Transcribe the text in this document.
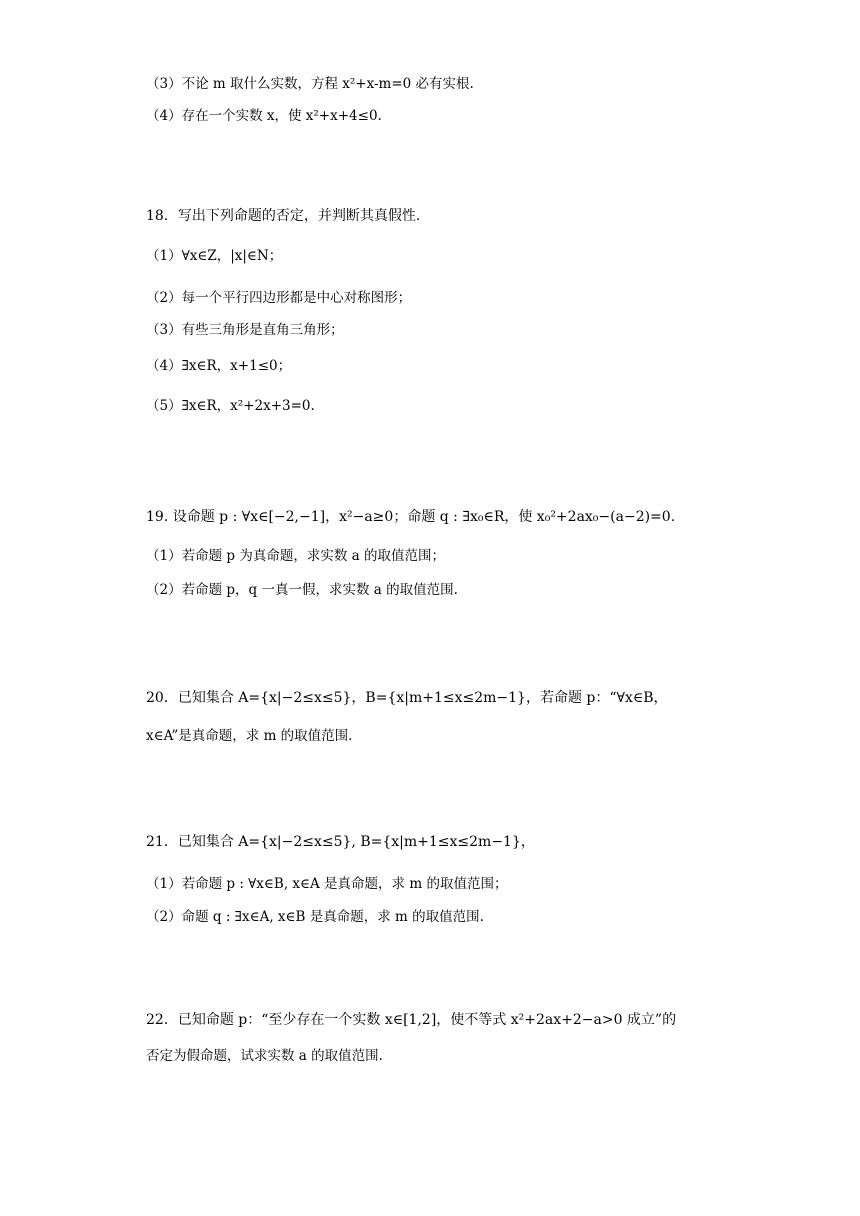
（3）不论 m 取什么实数，方程 x²+x-m=0 必有实根.
（4）存在一个实数 x，使 x²+x+4≤0.
18．写出下列命题的否定，并判断其真假性.
（1）∀x∈Z，|x|∈N；
（2）每一个平行四边形都是中心对称图形；
（3）有些三角形是直角三角形；
（4）∃x∈R，x+1≤0；
（5）∃x∈R，x²+2x+3=0.
19. 设命题 p : ∀x∈[−2,−1]，x²−a≥0；命题 q : ∃x₀∈R，使 x₀²+2ax₀−(a−2)=0.
（1）若命题 p 为真命题，求实数 a 的取值范围；
（2）若命题 p，q 一真一假，求实数 a 的取值范围.
20．已知集合 A={x|−2≤x≤5}，B={x|m+1≤x≤2m−1}，若命题 p：“∀x∈B，
x∈A”是真命题，求 m 的取值范围.
21．已知集合 A={x|−2≤x≤5}, B={x|m+1≤x≤2m−1}，
（1）若命题 p : ∀x∈B, x∈A 是真命题，求 m 的取值范围；
（2）命题 q : ∃x∈A, x∈B 是真命题，求 m 的取值范围.
22．已知命题 p：“至少存在一个实数 x∈[1,2]，使不等式 x²+2ax+2−a>0 成立”的
否定为假命题，试求实数 a 的取值范围.
